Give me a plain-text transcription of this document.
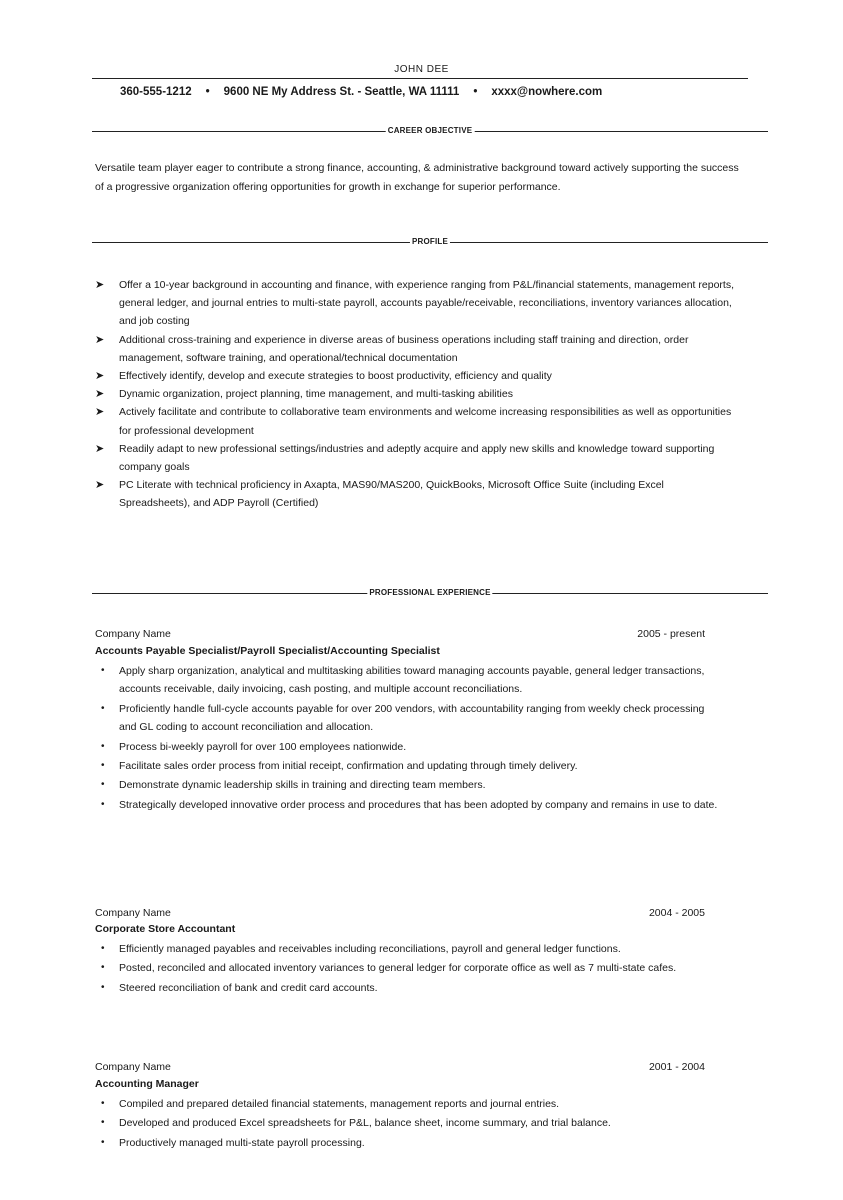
JOHN DEE
360-555-1212 • 9600 NE My Address St. - Seattle, WA 11111 • xxxx@nowhere.com
CAREER OBJECTIVE

Versatile team player eager to contribute a strong finance, accounting, & administrative background toward actively supporting the success of a progressive organization offering opportunities for growth in exchange for superior performance.

PROFILE
➤ Offer a 10-year background in accounting and finance, with experience ranging from P&L/financial statements, management reports, general ledger, and journal entries to multi-state payroll, accounts payable/receivable, reconciliations, inventory variances allocation, and job costing
➤ Additional cross-training and experience in diverse areas of business operations including staff training and direction, order management, software training, and operational/technical documentation
➤ Effectively identify, develop and execute strategies to boost productivity, efficiency and quality
➤ Dynamic organization, project planning, time management, and multi-tasking abilities
➤ Actively facilitate and contribute to collaborative team environments and welcome increasing responsibilities as well as opportunities for professional development
➤ Readily adapt to new professional settings/industries and adeptly acquire and apply new skills and knowledge toward supporting company goals
➤ PC Literate with technical proficiency in Axapta, MAS90/MAS200, QuickBooks, Microsoft Office Suite (including Excel Spreadsheets), and ADP Payroll (Certified)
PROFESSIONAL EXPERIENCE
Company Name	2005 - present
Accounts Payable Specialist/Payroll Specialist/Accounting Specialist
• Apply sharp organization, analytical and multitasking abilities toward managing accounts payable, general ledger transactions, accounts receivable, daily invoicing, cash posting, and multiple account reconciliations.
• Proficiently handle full-cycle accounts payable for over 200 vendors, with accountability ranging from weekly check processing and GL coding to account reconciliation and allocation.
• Process bi-weekly payroll for over 100 employees nationwide.
• Facilitate sales order process from initial receipt, confirmation and updating through timely delivery.
• Demonstrate dynamic leadership skills in training and directing team members.
• Strategically developed innovative order process and procedures that has been adopted by company and remains in use to date.
Company Name	2004 - 2005
Corporate Store Accountant
• Efficiently managed payables and receivables including reconciliations, payroll and general ledger functions.
• Posted, reconciled and allocated inventory variances to general ledger for corporate office as well as 7 multi-state cafes.
• Steered reconciliation of bank and credit card accounts.
Company Name	2001 - 2004
Accounting Manager
• Compiled and prepared detailed financial statements, management reports and journal entries.
• Developed and produced Excel spreadsheets for P&L, balance sheet, income summary, and trial balance.
• Productively managed multi-state payroll processing.
